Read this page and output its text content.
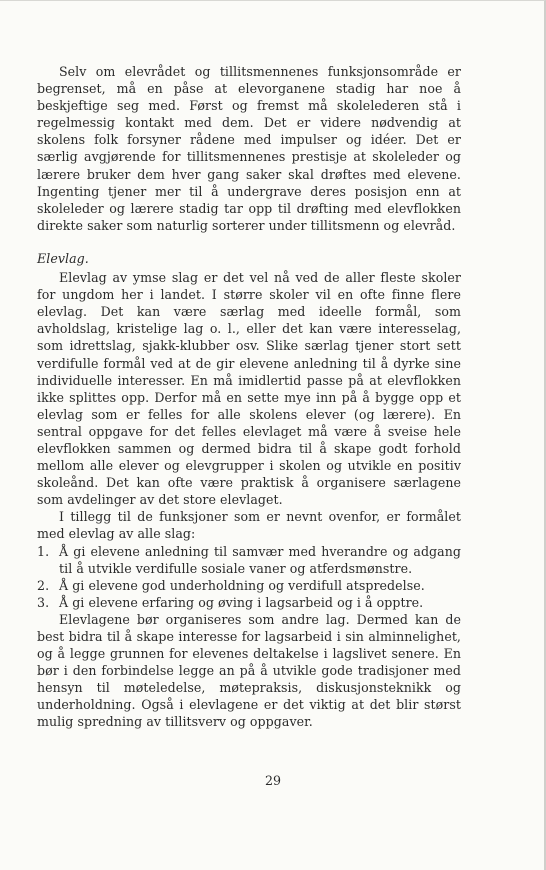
Selv om elevrådet og tillitsmennenes funksjonsområde er begrenset, må en påse at elevorganene stadig har noe å beskjeftige seg med. Først og fremst må skolelederen stå i regelmessig kontakt med dem. Det er videre nødvendig at skolens folk forsyner rådene med impulser og idéer. Det er særlig avgjørende for tillitsmennenes prestisje at skoleleder og lærere bruker dem hver gang saker skal drøftes med elevene. Ingenting tjener mer til å undergrave deres posisjon enn at skoleleder og lærere stadig tar opp til drøfting med elevflokken direkte saker som naturlig sorterer under tillitsmenn og elevråd.

Elevlag.

Elevlag av ymse slag er det vel nå ved de aller fleste skoler for ungdom her i landet. I større skoler vil en ofte finne flere elevlag. Det kan være særlag med ideelle formål, som avholdslag, kristelige lag o. l., eller det kan være interesselag, som idrettslag, sjakk-klubber osv. Slike særlag tjener stort sett verdifulle formål ved at de gir elevene anledning til å dyrke sine individuelle interesser. En må imidlertid passe på at elevflokken ikke splittes opp. Derfor må en sette mye inn på å bygge opp et elevlag som er felles for alle skolens elever (og lærere). En sentral oppgave for det felles elevlaget må være å sveise hele elevflokken sammen og dermed bidra til å skape godt forhold mellom alle elever og elevgrupper i skolen og utvikle en positiv skoleånd. Det kan ofte være praktisk å organisere særlagene som avdelinger av det store elevlaget.

I tillegg til de funksjoner som er nevnt ovenfor, er formålet med elevlag av alle slag:

1. Å gi elevene anledning til samvær med hverandre og adgang til å utvikle verdifulle sosiale vaner og atferdsmønstre.
2. Å gi elevene god underholdning og verdifull atspredelse.
3. Å gi elevene erfaring og øving i lagsarbeid og i å opptre.

Elevlagene bør organiseres som andre lag. Dermed kan de best bidra til å skape interesse for lagsarbeid i sin alminnelighet, og å legge grunnen for elevenes deltakelse i lagslivet senere. En bør i den forbindelse legge an på å utvikle gode tradisjoner med hensyn til møteledelse, møtepraksis, diskusjonsteknikk og underholdning. Også i elevlagene er det viktig at det blir størst mulig spredning av tillitsverv og oppgaver.

29
